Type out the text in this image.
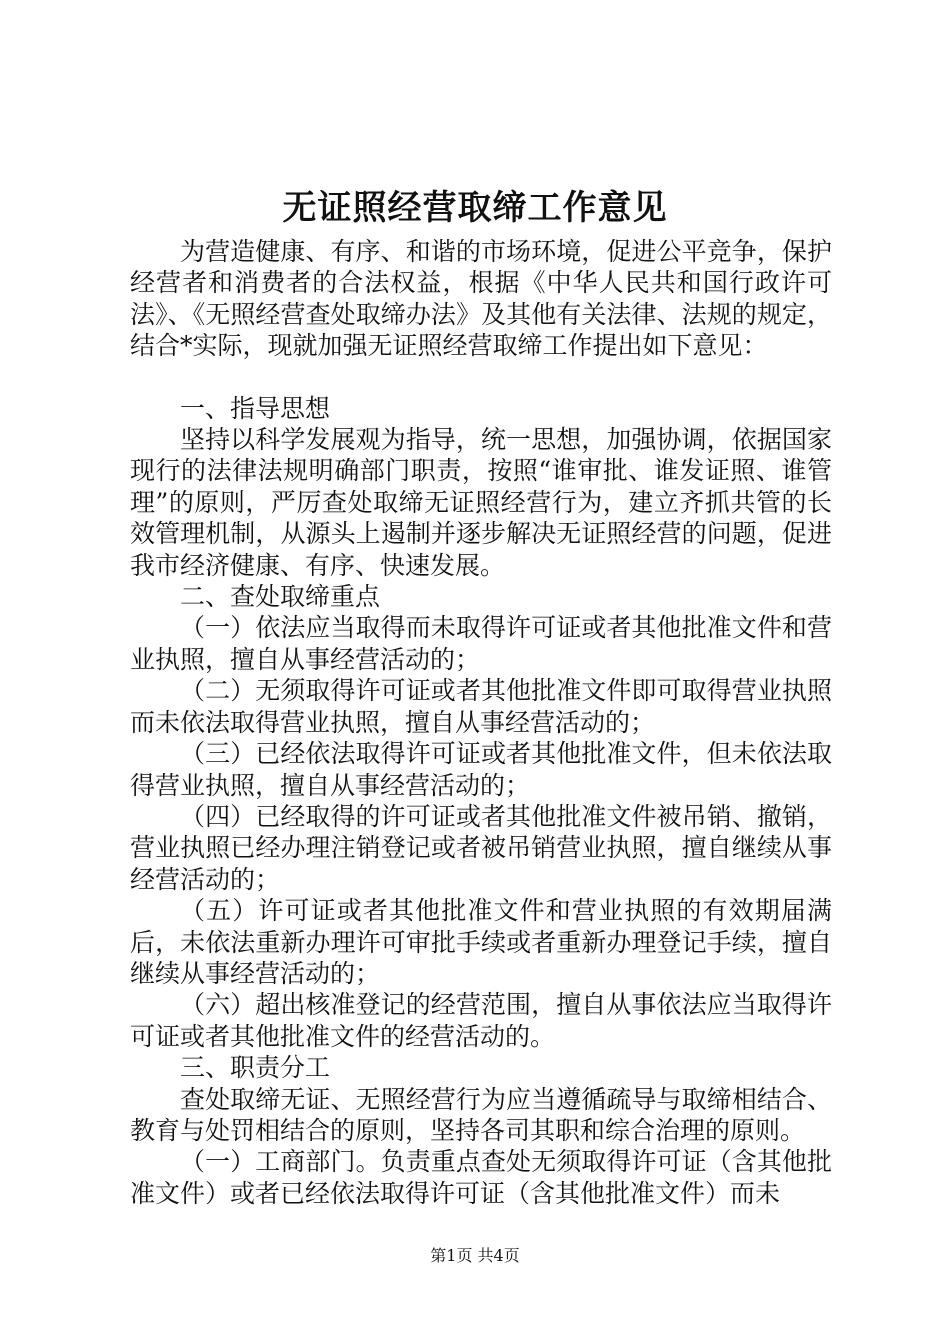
无证照经营取缔工作意见

为营造健康、有序、和谐的市场环境，促进公平竞争，保护经营者和消费者的合法权益，根据《中华人民共和国行政许可法》、《无照经营查处取缔办法》及其他有关法律、法规的规定，结合*实际，现就加强无证照经营取缔工作提出如下意见：

一、指导思想

坚持以科学发展观为指导，统一思想，加强协调，依据国家现行的法律法规明确部门职责，按照“谁审批、谁发证照、谁管理”的原则，严厉查处取缔无证照经营行为，建立齐抓共管的长效管理机制，从源头上遏制并逐步解决无证照经营的问题，促进我市经济健康、有序、快速发展。

二、查处取缔重点

（一）依法应当取得而未取得许可证或者其他批准文件和营业执照，擅自从事经营活动的；

（二）无须取得许可证或者其他批准文件即可取得营业执照而未依法取得营业执照，擅自从事经营活动的；

（三）已经依法取得许可证或者其他批准文件，但未依法取得营业执照，擅自从事经营活动的；

（四）已经取得的许可证或者其他批准文件被吊销、撤销，营业执照已经办理注销登记或者被吊销营业执照，擅自继续从事经营活动的；

（五）许可证或者其他批准文件和营业执照的有效期届满后，未依法重新办理许可审批手续或者重新办理登记手续，擅自继续从事经营活动的；

（六）超出核准登记的经营范围，擅自从事依法应当取得许可证或者其他批准文件的经营活动的。

三、职责分工

查处取缔无证、无照经营行为应当遵循疏导与取缔相结合、教育与处罚相结合的原则，坚持各司其职和综合治理的原则。

（一）工商部门。负责重点查处无须取得许可证（含其他批准文件）或者已经依法取得许可证（含其他批准文件）而未

第1页 共4页
